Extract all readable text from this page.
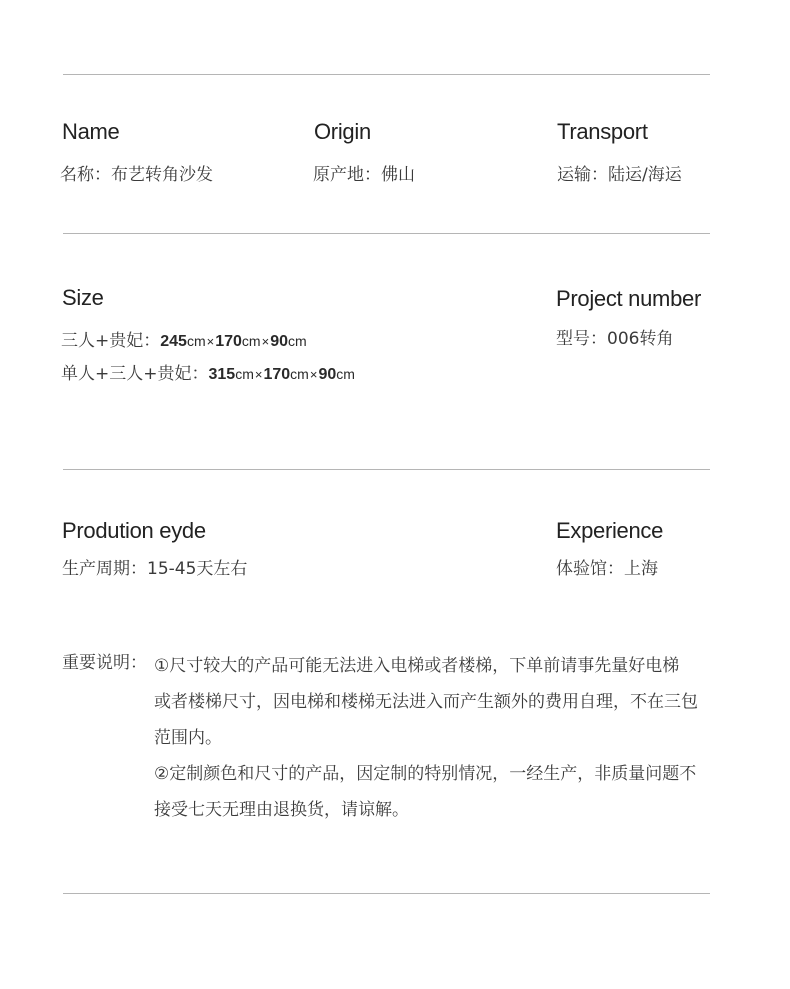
Name
名称：布艺转角沙发
Origin
原产地：佛山
Transport
运输：陆运/海运
Size
三人+贵妃：245cm×170cm×90cm
单人+三人+贵妃：315cm×170cm×90cm
Project number
型号：006转角
Prodution eyde
生产周期：15-45天左右
Experience
体验馆：上海
重要说明： ①尺寸较大的产品可能无法进入电梯或者楼梯，下单前请事先量好电梯
或者楼梯尺寸，因电梯和楼梯无法进入而产生额外的费用自理，不在三包
范围内。
②定制颜色和尺寸的产品，因定制的特别情况，一经生产，非质量问题不
接受七天无理由退换货，请谅解。
